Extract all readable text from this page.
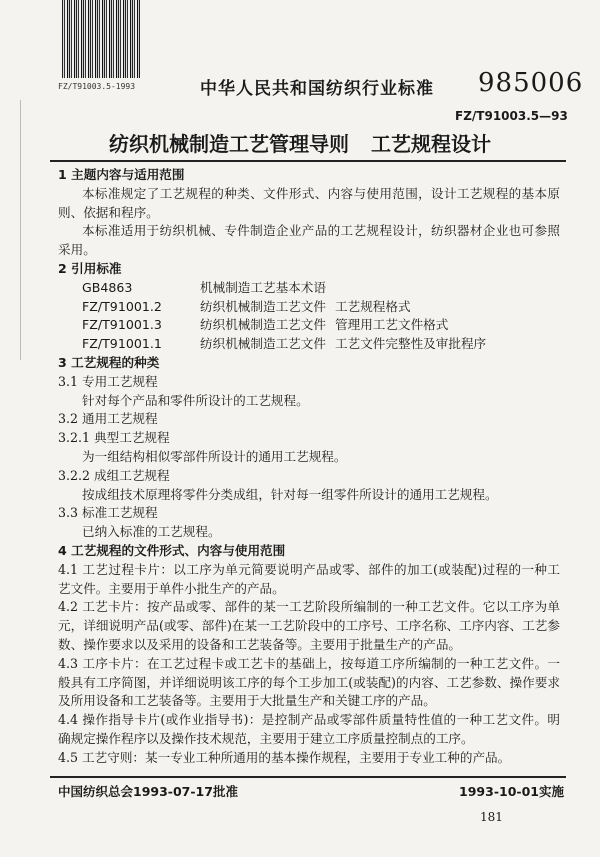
FZ/T91003.5-1993	中华人民共和国纺织行业标准 985006
FZ/T91003.5—93
纺织机械制造工艺管理导则 工艺规程设计
1 主题内容与适用范围
本标准规定了工艺规程的种类、文件形式、内容与使用范围，设计工艺规程的基本原
则、依据和程序。
本标准适用于纺织机械、专件制造企业产品的工艺规程设计，纺织器材企业也可参照
采用。
2 引用标准
GB4863	机械制造工艺基本术语
FZ/T91001.2	纺织机械制造工艺文件 工艺规程格式
FZ/T91001.3	纺织机械制造工艺文件 管理用工艺文件格式
FZ/T91001.1	纺织机械制造工艺文件 工艺文件完整性及审批程序
3 工艺规程的种类
3.1 专用工艺规程
针对每个产品和零件所设计的工艺规程。
3.2 通用工艺规程
3.2.1 典型工艺规程
为一组结构相似零部件所设计的通用工艺规程。
3.2.2 成组工艺规程
按成组技术原理将零件分类成组，针对每一组零件所设计的通用工艺规程。
3.3 标准工艺规程
已纳入标准的工艺规程。
4 工艺规程的文件形式、内容与使用范围
4.1 工艺过程卡片：以工序为单元简要说明产品或零、部件的加工(或装配)过程的一种工
艺文件。主要用于单件小批生产的产品。
4.2 工艺卡片：按产品或零、部件的某一工艺阶段所编制的一种工艺文件。它以工序为单
元，详细说明产品(或零、部件)在某一工艺阶段中的工序号、工序名称、工序内容、工艺参
数、操作要求以及采用的设备和工艺装备等。主要用于批量生产的产品。
4.3 工序卡片：在工艺过程卡或工艺卡的基础上，按每道工序所编制的一种工艺文件。一
般具有工序简图，并详细说明该工序的每个工步加工(或装配)的内容、工艺参数、操作要求
及所用设备和工艺装备等。主要用于大批量生产和关键工序的产品。
4.4 操作指导卡片(或作业指导书)：是控制产品或零部件质量特性值的一种工艺文件。明
确规定操作程序以及操作技术规范，主要用于建立工序质量控制点的工序。
4.5 工艺守则：某一专业工种所通用的基本操作规程，主要用于专业工种的产品。
中国纺织总会1993-07-17批准	1993-10-01实施
181
